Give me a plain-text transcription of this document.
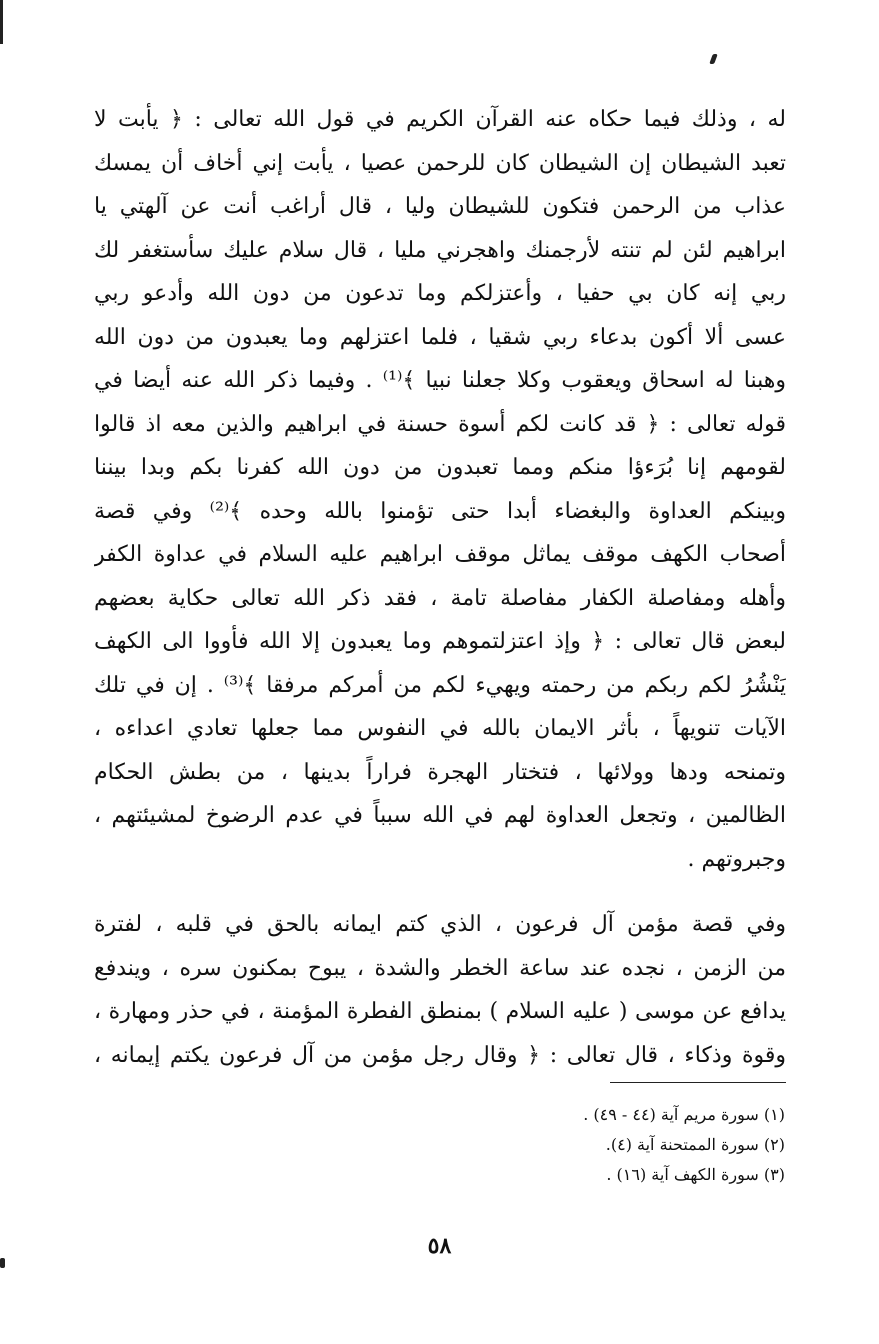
له ، وذلك فيما حكاه عنه القرآن الكريم في قول الله تعالى : ﴿ يأبت لا
تعبد الشيطان إن الشيطان كان للرحمن عصيا ، يأبت إني أخاف أن يمسك
عذاب من الرحمن فتكون للشيطان وليا ، قال أراغب أنت عن آلهتي يا
ابراهيم لئن لم تنته لأرجمنك واهجرني مليا ، قال سلام عليك سأستغفر لك
ربي إنه كان بي حفيا ، وأعتزلكم وما تدعون من دون الله وأدعو ربي
عسى ألا أكون بدعاء ربي شقيا ، فلما اعتزلهم وما يعبدون من دون الله
وهبنا له اسحاق ويعقوب وكلا جعلنا نبيا ﴾⁽¹⁾ . وفيما ذكر الله عنه أيضا في
قوله تعالى : ﴿ قد كانت لكم أسوة حسنة في ابراهيم والذين معه اذ قالوا
لقومهم إنا بُرَءؤا منكم ومما تعبدون من دون الله كفرنا بكم وبدا بيننا
وبينكم العداوة والبغضاء أبدا حتى تؤمنوا بالله وحده ﴾⁽²⁾ وفي قصة
أصحاب الكهف موقف يماثل موقف ابراهيم عليه السلام في عداوة الكفر
وأهله ومفاصلة الكفار مفاصلة تامة ، فقد ذكر الله تعالى حكاية بعضهم
لبعض قال تعالى : ﴿ وإذ اعتزلتموهم وما يعبدون إلا الله فأووا الى الكهف
يَنْشُرُ لكم ربكم من رحمته ويهيء لكم من أمركم مرفقا ﴾⁽³⁾ . إن في تلك
الآيات تنويهاً ، بأثر الايمان بالله في النفوس مما جعلها تعادي اعداءه ،
وتمنحه ودها وولائها ، فتختار الهجرة فراراً بدينها ، من بطش الحكام
الظالمين ، وتجعل العداوة لهم في الله سبباً في عدم الرضوخ لمشيئتهم ،
وجبروتهم .
وفي قصة مؤمن آل فرعون ، الذي كتم ايمانه بالحق في قلبه ، لفترة
من الزمن ، نجده عند ساعة الخطر والشدة ، يبوح بمكنون سره ، ويندفع
يدافع عن موسى ( عليه السلام ) بمنطق الفطرة المؤمنة ، في حذر ومهارة ،
وقوة وذكاء ، قال تعالى : ﴿ وقال رجل مؤمن من آل فرعون يكتم إيمانه ،
(١) سورة مريم آية (٤٤ - ٤٩) .
(٢) سورة الممتحنة آية (٤).
(٣) سورة الكهف آية (١٦) .
٥٨
